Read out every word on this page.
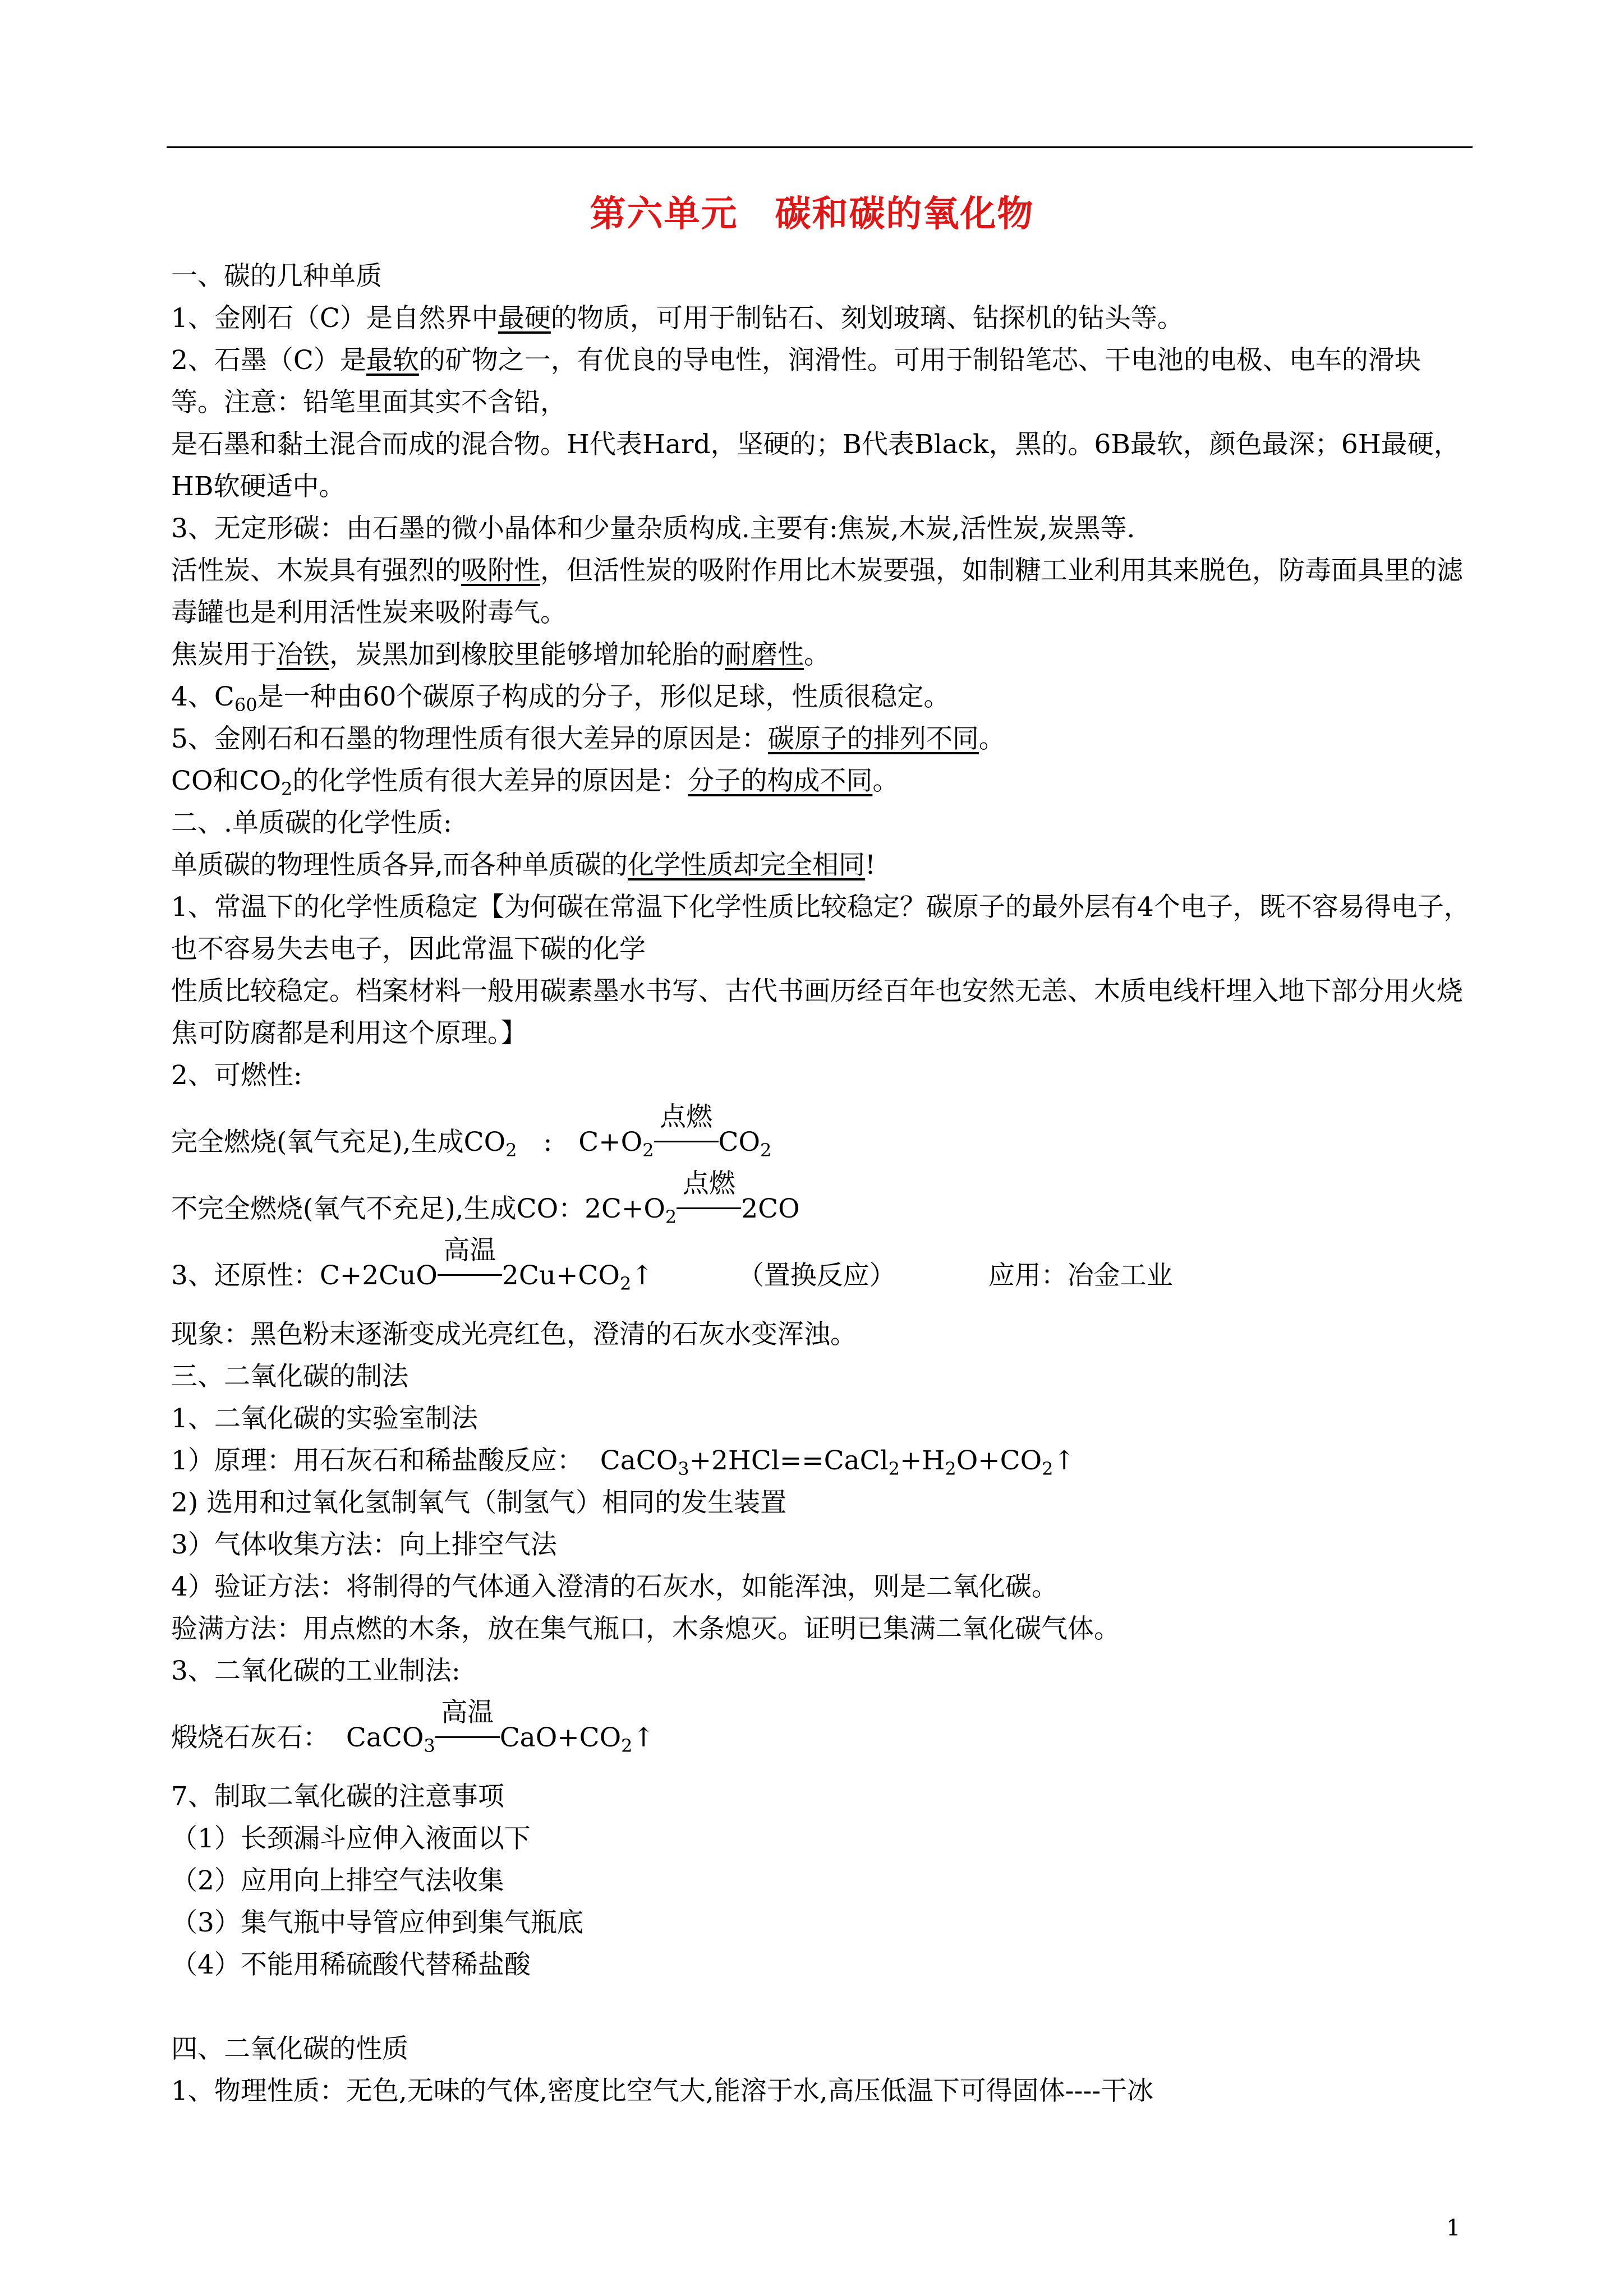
第六单元　碳和碳的氧化物

一、碳的几种单质

1、金刚石（C）是自然界中最硬的物质，可用于制钻石、刻划玻璃、钻探机的钻头等。

2、石墨（C）是最软的矿物之一，有优良的导电性，润滑性。可用于制铅笔芯、干电池的电极、电车的滑块等。注意：铅笔里面其实不含铅，

是石墨和黏土混合而成的混合物。H代表Hard，坚硬的；B代表Black，黑的。6B最软，颜色最深；6H最硬，HB软硬适中。

3、无定形碳：由石墨的微小晶体和少量杂质构成.主要有:焦炭,木炭,活性炭,炭黑等.

活性炭、木炭具有强烈的吸附性，但活性炭的吸附作用比木炭要强，如制糖工业利用其来脱色，防毒面具里的滤毒罐也是利用活性炭来吸附毒气。

焦炭用于冶铁，炭黑加到橡胶里能够增加轮胎的耐磨性。

4、$C_{60}$是一种由60个碳原子构成的分子，形似足球，性质很稳定。

5、金刚石和石墨的物理性质有很大差异的原因是：碳原子的排列不同。

CO和$CO_2$的化学性质有很大差异的原因是：分子的构成不同。

二、.单质碳的化学性质:

单质碳的物理性质各异,而各种单质碳的化学性质却完全相同!

1、常温下的化学性质稳定【为何碳在常温下化学性质比较稳定？碳原子的最外层有4个电子，既不容易得电子，也不容易失去电子，因此常温下碳的化学

性质比较稳定。档案材料一般用碳素墨水书写、古代书画历经百年也安然无恙、木质电线杆埋入地下部分用火烧焦可防腐都是利用这个原理。】

2、可燃性:

完全燃烧(氧气充足),生成$CO_2$　:　$C+O_2$
点燃
$CO_2$

不完全燃烧(氧气不充足),生成CO：$2C+O_2$
点燃
2CO

3、还原性：C+2CuO
高温
$2Cu+CO_2↑$	（置换反应）	应用：冶金工业

现象：黑色粉末逐渐变成光亮红色，澄清的石灰水变浑浊。

三、二氧化碳的制法

1、二氧化碳的实验室制法

1）原理：用石灰石和稀盐酸反应：  $CaCO_3+2HCl==CaCl_2+H_2O+CO_2↑$

2) 选用和过氧化氢制氧气（制氢气）相同的发生装置

3）气体收集方法：向上排空气法

4）验证方法：将制得的气体通入澄清的石灰水，如能浑浊，则是二氧化碳。

验满方法：用点燃的木条，放在集气瓶口，木条熄灭。证明已集满二氧化碳气体。

3、二氧化碳的工业制法:

煅烧石灰石：  CaCO$_3$
高温
$CaO+CO_2↑$

7、制取二氧化碳的注意事项

（1）长颈漏斗应伸入液面以下

（2）应用向上排空气法收集

（3）集气瓶中导管应伸到集气瓶底

（4）不能用稀硫酸代替稀盐酸

四、二氧化碳的性质

1、物理性质：无色,无味的气体,密度比空气大,能溶于水,高压低温下可得固体----干冰

1
